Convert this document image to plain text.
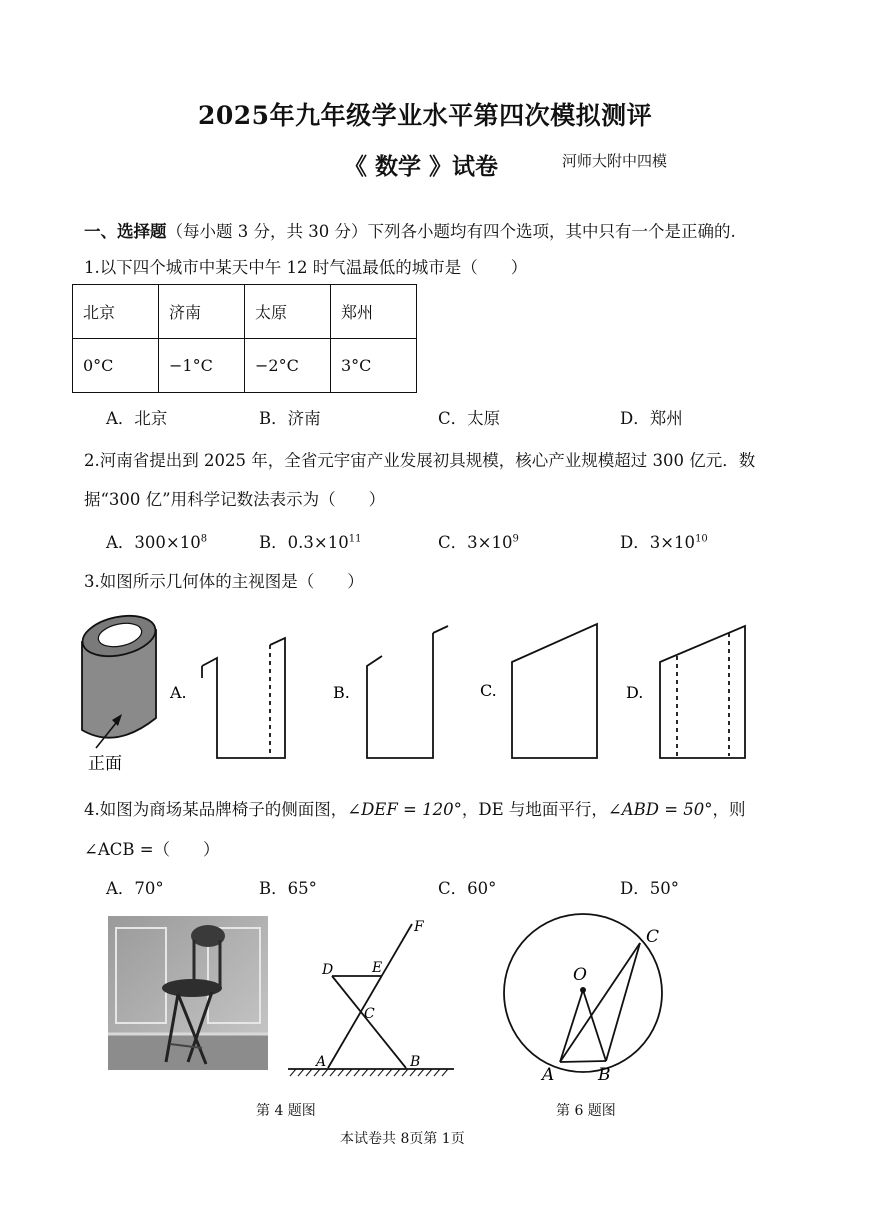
2025年九年级学业水平第四次模拟测评
《 数学 》试卷	河师大附中四模
一、选择题（每小题 3 分，共 30 分）下列各小题均有四个选项，其中只有一个是正确的.
1.以下四个城市中某天中午 12 时气温最低的城市是（　　）
北京	济南	太原	郑州
0°C	−1°C	−2°C	3°C
A．北京	B．济南	C．太原	D．郑州
2.河南省提出到 2025 年，全省元宇宙产业发展初具规模，核心产业规模超过 300 亿元．数
据“300 亿”用科学记数法表示为（　　）
A．$300\times 10^8$	B．$0.3\times 10^{11}$	C．$3\times 10^9$	D．$3\times 10^{10}$
3.如图所示几何体的主视图是（　　）
正面
A.	B.	C.	D.
4.如图为商场某品牌椅子的侧面图，∠DEF = 120°，DE 与地面平行，∠ABD = 50°，则
∠ACB =（　　）
A．70°	B．65°	C．60°	D．50°
D	E
F
C
A	B
O
A	B
C
第 4 题图	第 6 题图
本试卷共 8页第 1页
